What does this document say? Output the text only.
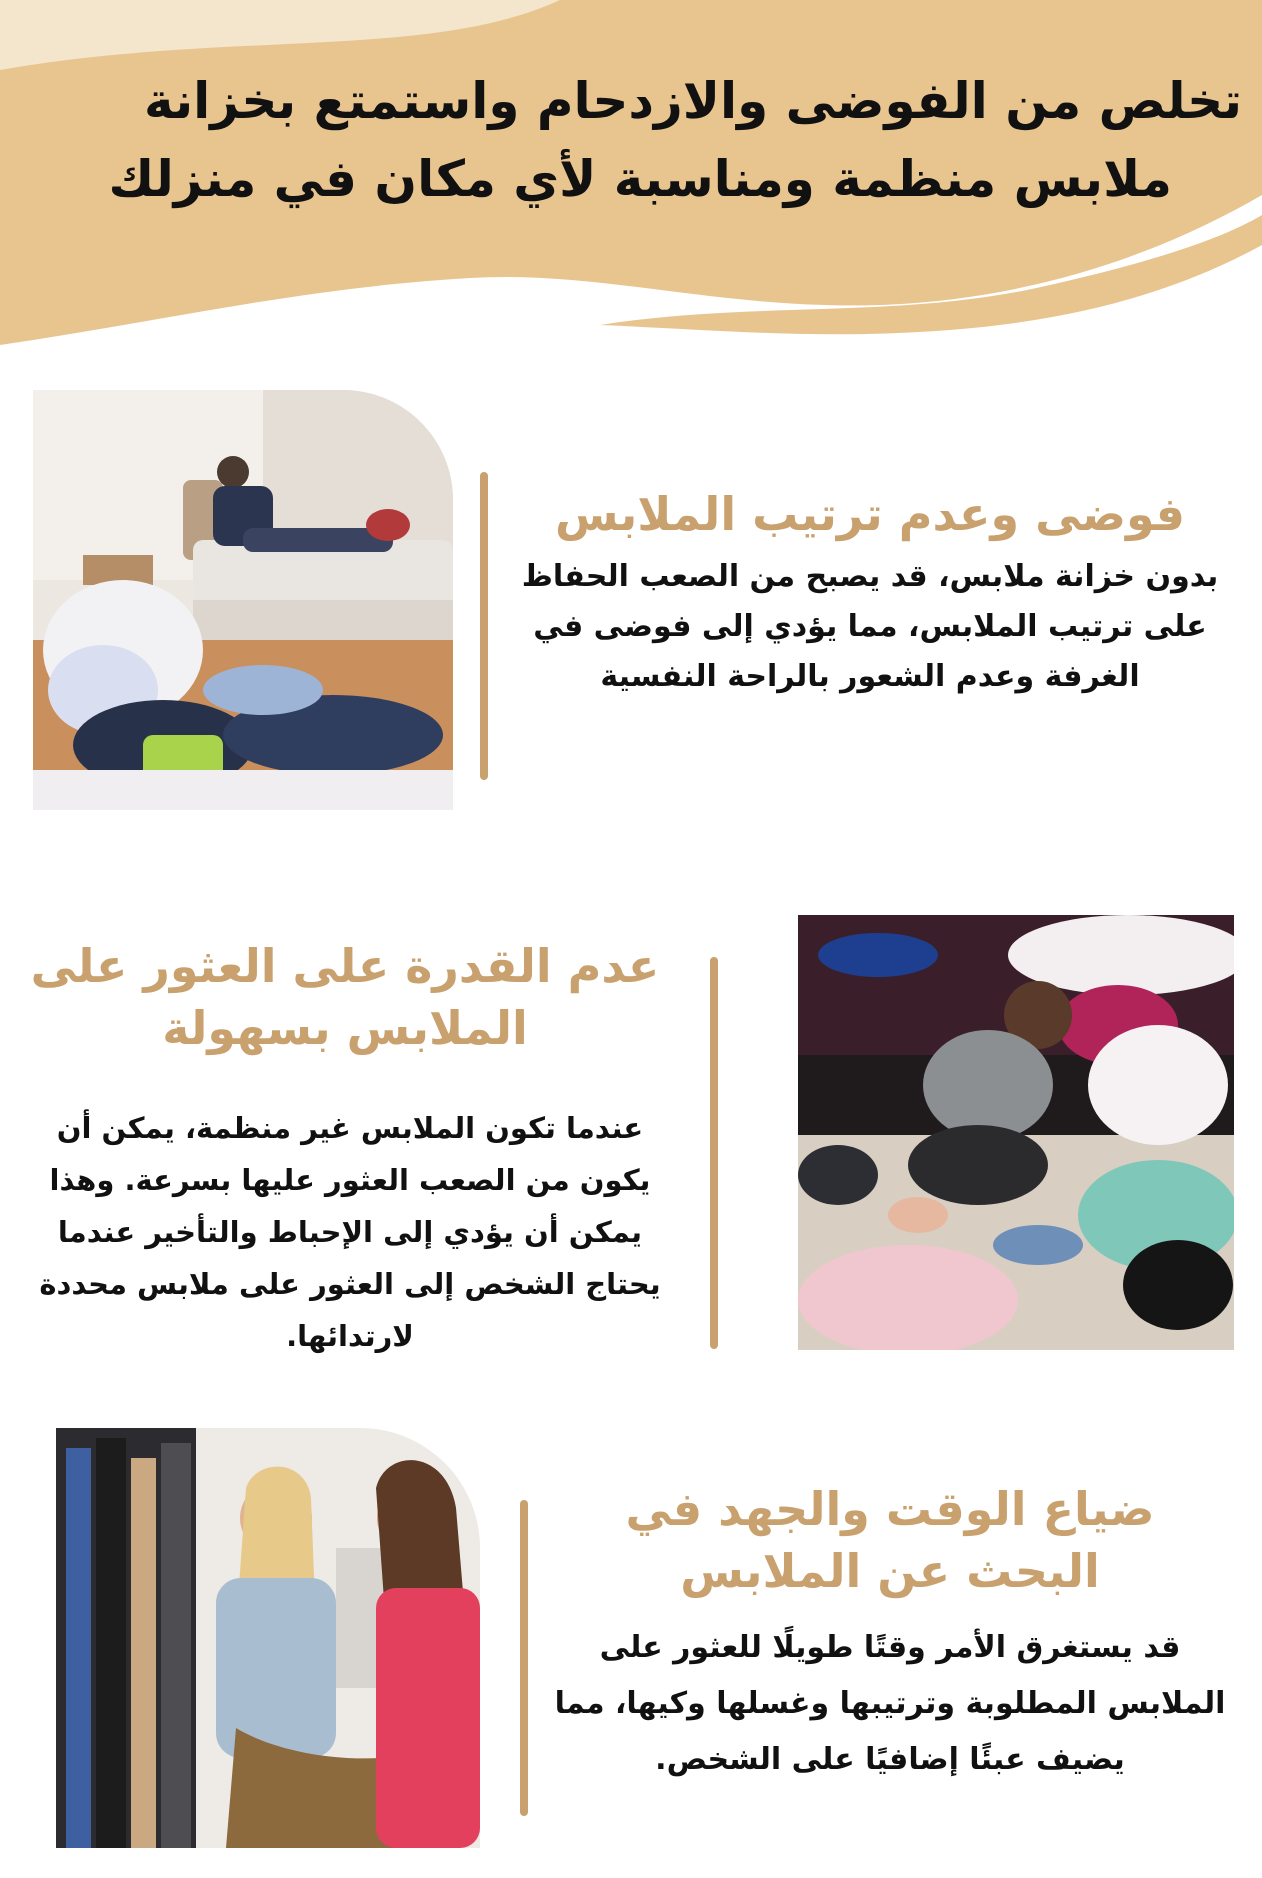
تخلص من الفوضى والازدحام واستمتع بخزانة
ملابس منظمة ومناسبة لأي مكان في منزلك
فوضى وعدم ترتيب الملابس

بدون خزانة ملابس، قد يصبح من الصعب الحفاظ على ترتيب الملابس، مما يؤدي إلى فوضى في الغرفة وعدم الشعور بالراحة النفسية

عدم القدرة على العثور على الملابس بسهولة

عندما تكون الملابس غير منظمة، يمكن أن يكون من الصعب العثور عليها بسرعة. وهذا يمكن أن يؤدي إلى الإحباط والتأخير عندما يحتاج الشخص إلى العثور على ملابس محددة لارتدائها.

ضياع الوقت والجهد في البحث عن الملابس

قد يستغرق الأمر وقتًا طويلًا للعثور على الملابس المطلوبة وترتيبها وغسلها وكيها، مما يضيف عبئًا إضافيًا على الشخص.
